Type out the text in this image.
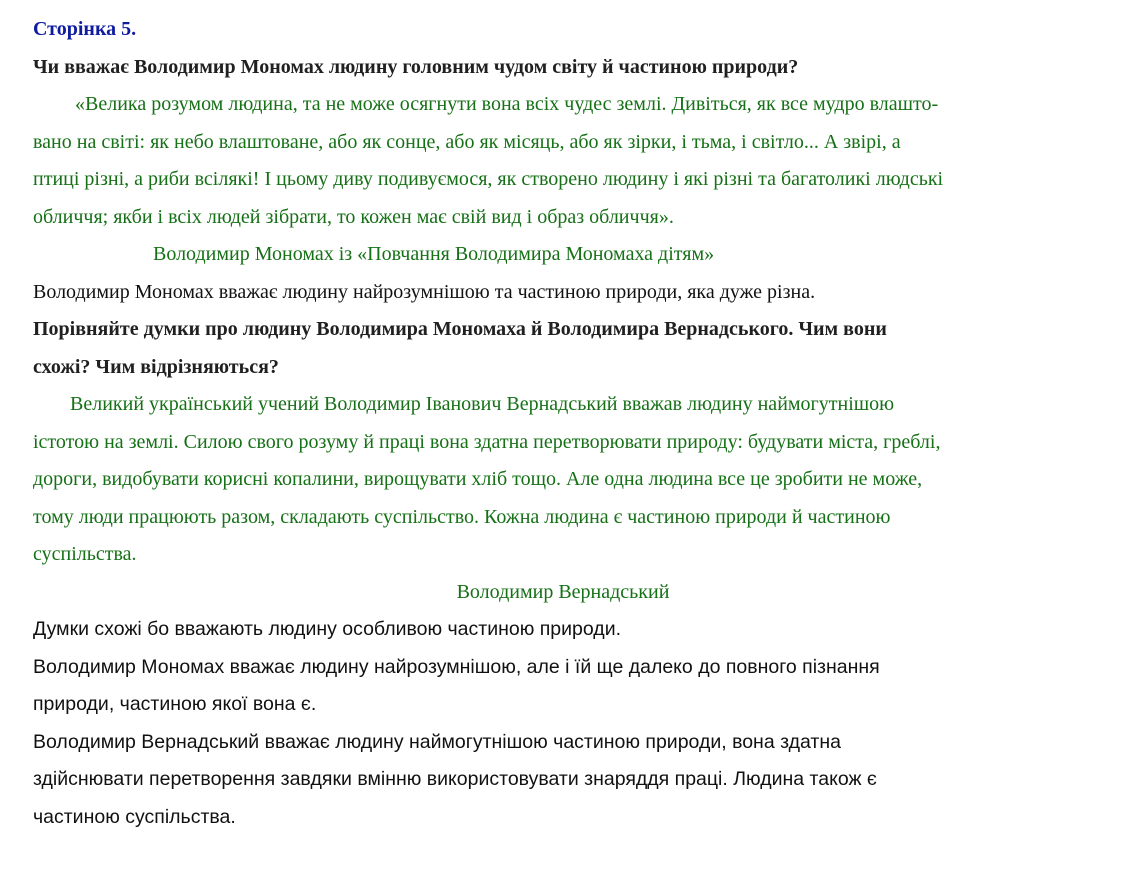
Сторінка 5.
Чи вважає Володимир Мономах людину головним чудом світу й частиною природи?
«Велика розумом людина, та не може осягнути вона всіх чудес землі. Дивіться, як все мудро влашто-
вано на світі: як небо влаштоване, або як сонце, або як місяць, або як зірки, і тьма, і світло... А звірі, а
птиці різні, а риби всілякі! І цьому диву подивуємося, як створено людину і які різні та багатоликі людські
обличчя; якби і всіх людей зібрати, то кожен має свій вид і образ обличчя».
Володимир Мономах із «Повчання Володимира Мономаха дітям»
Володимир Мономах вважає людину найрозумнішою та частиною природи, яка дуже різна.
Порівняйте думки про людину Володимира Мономаха й Володимира Вернадського. Чим вони
схожі? Чим відрізняються?
Великий український учений Володимир Іванович Вернадський вважав людину наймогутнішою
істотою на землі. Силою свого розуму й праці вона здатна перетворювати природу: будувати міста, греблі,
дороги, видобувати корисні копалини, вирощувати хліб тощо. Але одна людина все це зробити не може,
тому люди працюють разом, складають суспільство. Кожна людина є частиною природи й частиною
суспільства.
Володимир Вернадський
Думки схожі бо вважають людину особливою частиною природи.
Володимир Мономах вважає людину найрозумнішою, але і їй ще далеко до повного пізнання
природи, частиною якої вона є.
Володимир Вернадський вважає людину наймогутнішою частиною природи, вона здатна
здійснювати перетворення завдяки вмінню використовувати знаряддя праці. Людина також є
частиною суспільства.
